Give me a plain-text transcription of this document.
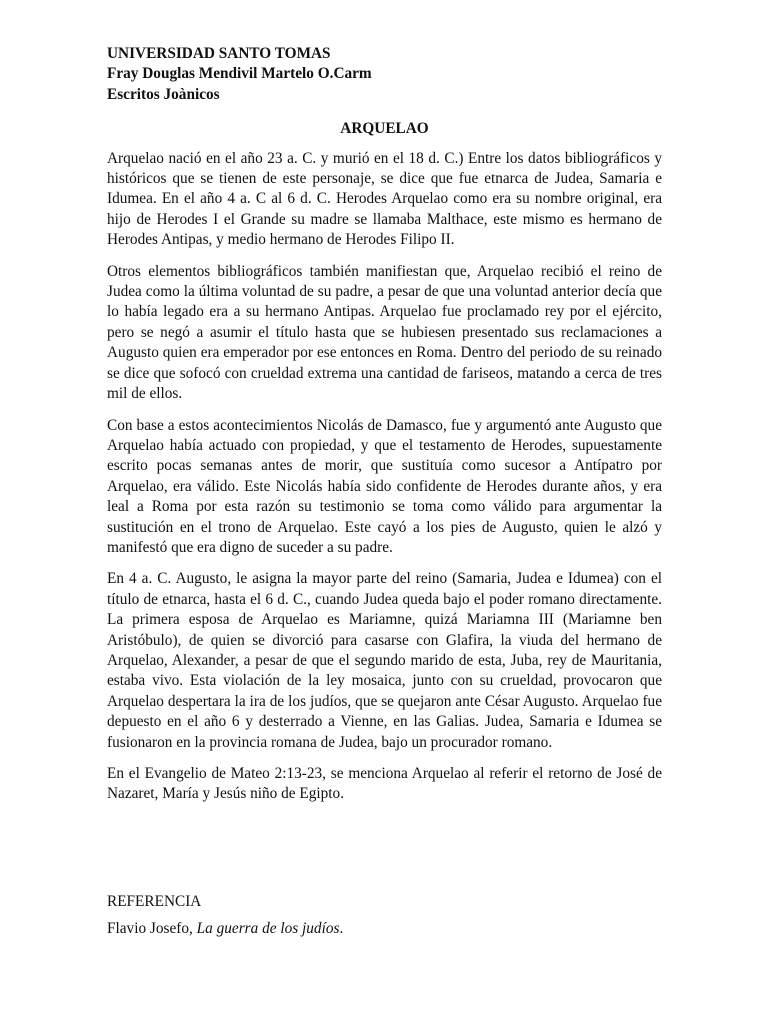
UNIVERSIDAD SANTO TOMAS

Fray Douglas Mendivil Martelo O.Carm

Escritos Joànicos

ARQUELAO

Arquelao nació en el año 23 a. C. y murió en el 18 d. C.) Entre los datos bibliográficos y históricos que se tienen de este personaje, se dice que fue etnarca de Judea, Samaria e Idumea. En el año 4 a. C al 6 d. C. Herodes Arquelao como era su nombre original, era hijo de Herodes I el Grande su madre se llamaba Malthace, este mismo es hermano de Herodes Antipas, y medio hermano de Herodes Filipo II.

Otros elementos bibliográficos también manifiestan que, Arquelao recibió el reino de Judea como la última voluntad de su padre, a pesar de que una voluntad anterior decía que lo había legado era a su hermano Antipas. Arquelao fue proclamado rey por el ejército, pero se negó a asumir el título hasta que se hubiesen presentado sus reclamaciones a Augusto quien era emperador por ese entonces en Roma. Dentro del periodo de su reinado se dice que sofocó con crueldad extrema una cantidad de fariseos, matando a cerca de tres mil de ellos.

Con base a estos acontecimientos Nicolás de Damasco, fue y argumentó ante Augusto que Arquelao había actuado con propiedad, y que el testamento de Herodes, supuestamente escrito pocas semanas antes de morir, que sustituía como sucesor a Antípatro por Arquelao, era válido. Este Nicolás había sido confidente de Herodes durante años, y era leal a Roma por esta razón su testimonio se toma como válido para argumentar la sustitución en el trono de Arquelao. Este cayó a los pies de Augusto, quien le alzó y manifestó que era digno de suceder a su padre.

En 4 a. C. Augusto, le asigna la mayor parte del reino (Samaria, Judea e Idumea) con el título de etnarca, hasta el 6 d. C., cuando Judea queda bajo el poder romano directamente. La primera esposa de Arquelao es Mariamne, quizá Mariamna III (Mariamne ben Aristóbulo), de quien se divorció para casarse con Glafira, la viuda del hermano de Arquelao, Alexander, a pesar de que el segundo marido de esta, Juba, rey de Mauritania, estaba vivo. Esta violación de la ley mosaica, junto con su crueldad, provocaron que Arquelao despertara la ira de los judíos, que se quejaron ante César Augusto. Arquelao fue depuesto en el año 6 y desterrado a Vienne, en las Galias. Judea, Samaria e Idumea se fusionaron en la provincia romana de Judea, bajo un procurador romano.

En el Evangelio de Mateo 2:13-23, se menciona Arquelao al referir el retorno de José de Nazaret, María y Jesús niño de Egipto.

REFERENCIA

Flavio Josefo, La guerra de los judíos.
